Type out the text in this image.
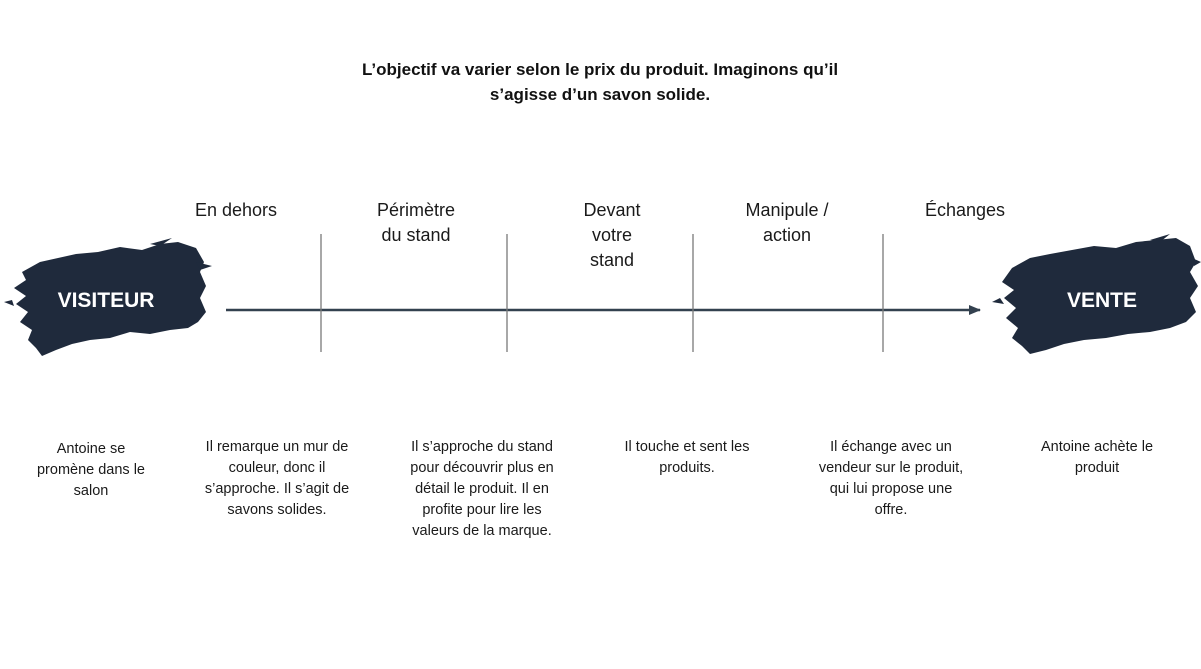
L’objectif va varier selon le prix du produit. Imaginons qu’il
s’agisse d’un savon solide.
VISITEUR	VENTE
En dehors	Périmètre
du stand
Devant
votre
stand
Manipule /
action
Échanges
Antoine se
promène dans le
salon
Il remarque un mur de
couleur, donc il
s’approche. Il s’agit de
savons solides.
Il s’approche du stand
pour découvrir plus en
détail le produit. Il en
profite pour lire les
valeurs de la marque.
Il touche et sent les
produits.
Il échange avec un
vendeur sur le produit,
qui lui propose une
offre.
Antoine achète le
produit
